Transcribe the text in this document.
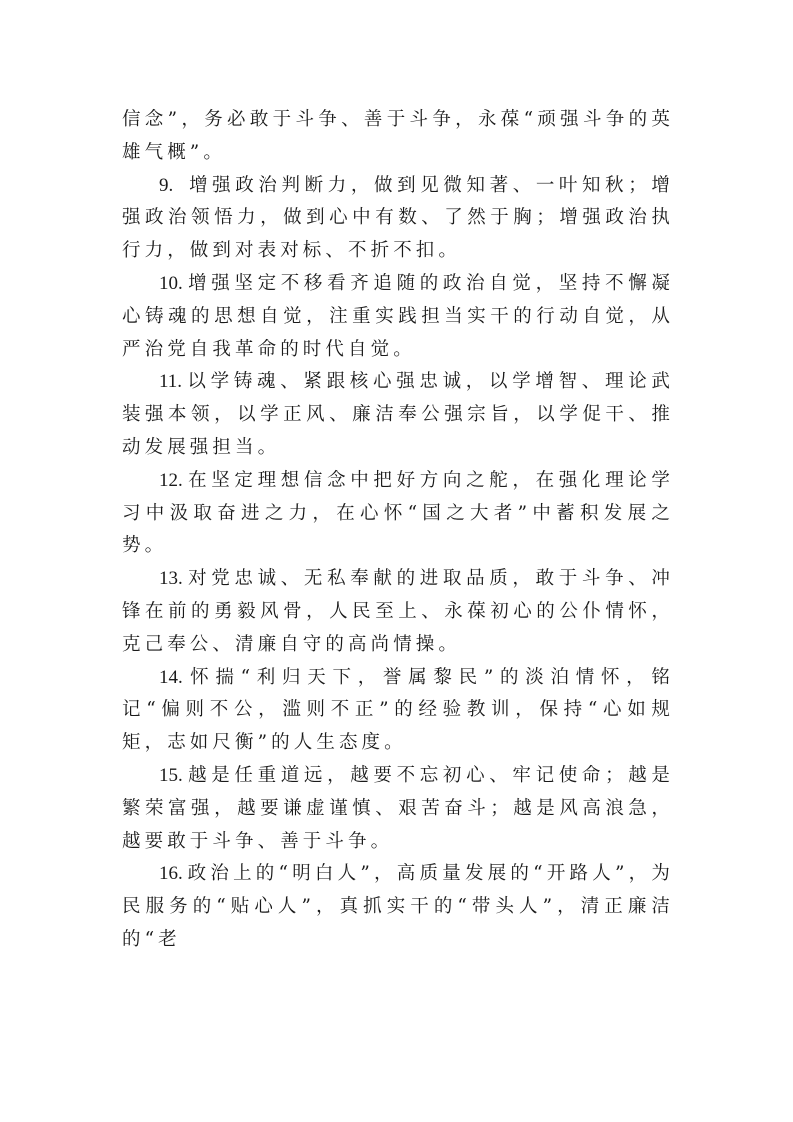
信念”，务必敢于斗争、善于斗争，永葆“顽强斗争的英雄气概”。

9. 增强政治判断力，做到见微知著、一叶知秋；增强政治领悟力，做到心中有数、了然于胸；增强政治执行力，做到对表对标、不折不扣。

10. 增强坚定不移看齐追随的政治自觉，坚持不懈凝心铸魂的思想自觉，注重实践担当实干的行动自觉，从严治党自我革命的时代自觉。

11. 以学铸魂、紧跟核心强忠诚，以学增智、理论武装强本领，以学正风、廉洁奉公强宗旨，以学促干、推动发展强担当。

12. 在坚定理想信念中把好方向之舵，在强化理论学习中汲取奋进之力，在心怀“国之大者”中蓄积发展之势。

13. 对党忠诚、无私奉献的进取品质，敢于斗争、冲锋在前的勇毅风骨，人民至上、永葆初心的公仆情怀，克己奉公、清廉自守的高尚情操。

14. 怀揣“利归天下，誉属黎民”的淡泊情怀，铭记“偏则不公，滥则不正”的经验教训，保持“心如规矩，志如尺衡”的人生态度。

15. 越是任重道远，越要不忘初心、牢记使命；越是繁荣富强，越要谦虚谨慎、艰苦奋斗；越是风高浪急，越要敢于斗争、善于斗争。

16. 政治上的“明白人”，高质量发展的“开路人”，为民服务的“贴心人”，真抓实干的“带头人”，清正廉洁的“老
